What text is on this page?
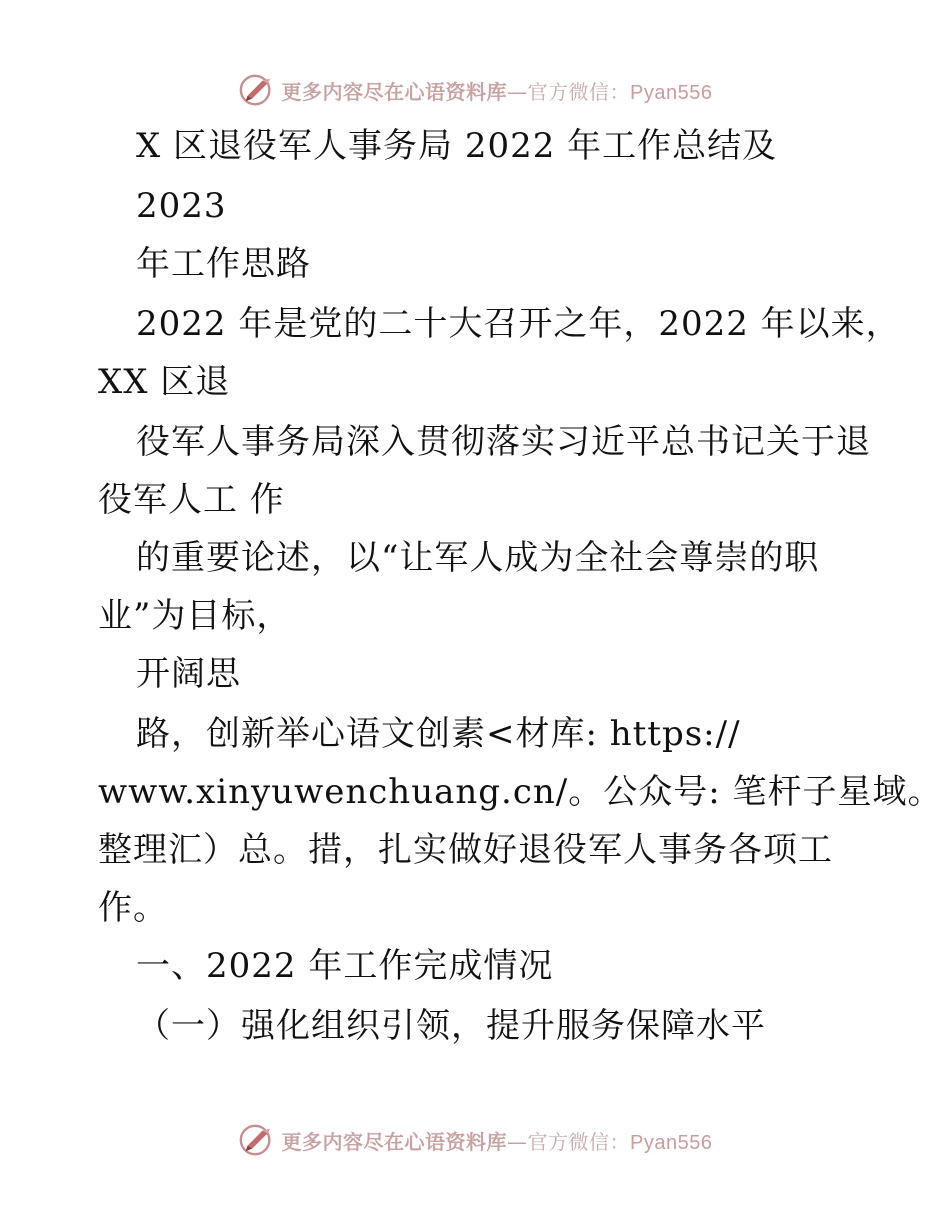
更多内容尽在心语资料库—官方微信：Pyan556
X 区退役军人事务局 2022 年工作总结及
2023
年工作思路
2022 年是党的二十大召开之年，2022 年以来，
XX 区退
役军人事务局深入贯彻落实习近平总书记关于退
役军人工 作
的重要论述，以“让军人成为全社会尊崇的职
业”为目标，
开阔思
路，创新举心语文创素<材库: https://
www.xinyuwenchuang.cn/。公众号: 笔杆子星域。
整理汇）总。措，扎实做好退役军人事务各项工
作。
一、2022 年工作完成情况
（一）强化组织引领，提升服务保障水平
更多内容尽在心语资料库—官方微信：Pyan556
